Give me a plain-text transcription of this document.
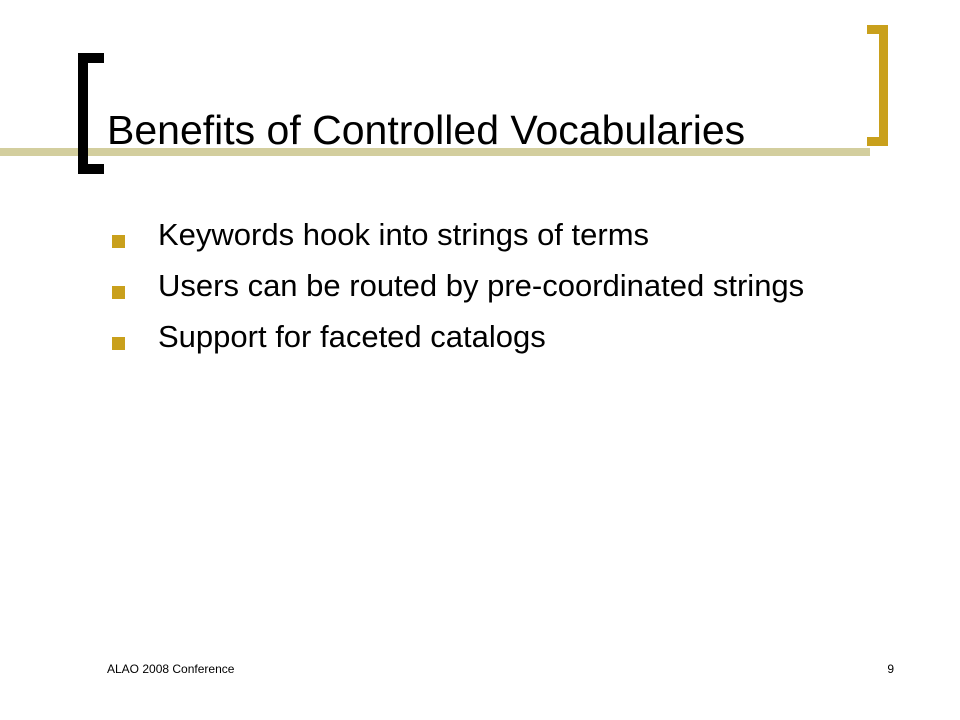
Benefits of Controlled Vocabularies
Keywords hook into strings of terms
Users can be routed by pre-coordinated strings
Support for faceted catalogs
ALAO 2008 Conference	9
